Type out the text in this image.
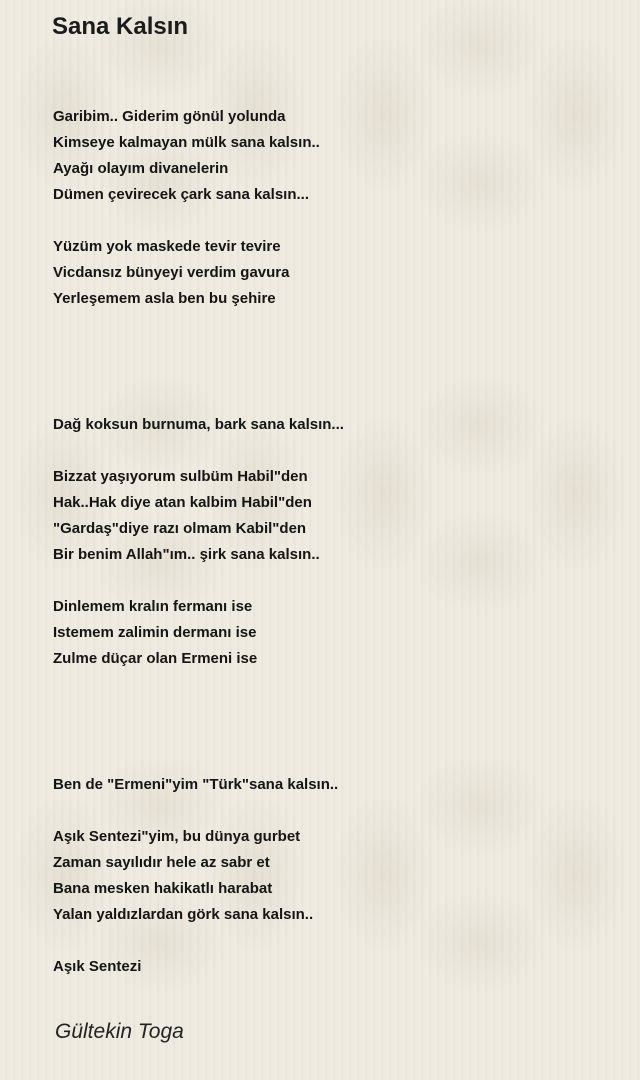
Sana Kalsın
Garibim.. Giderim gönül yolunda
Kimseye kalmayan mülk sana kalsın..
Ayağı olayım divanelerin
Dümen çevirecek çark sana kalsın...
Yüzüm yok maskede tevir tevire
Vicdansız bünyeyi verdim gavura
Yerleşemem asla ben bu şehire
Dağ koksun burnuma, bark sana kalsın...
Bizzat yaşıyorum sulbüm Habil"den
Hak..Hak diye atan kalbim Habil"den
"Gardaş"diye razı olmam Kabil"den
Bir benim Allah"ım.. şirk sana kalsın..
Dinlemem kralın fermanı ise
Istemem zalimin dermanı ise
Zulme düçar olan Ermeni ise
Ben de "Ermeni"yim "Türk"sana kalsın..
Aşık Sentezi"yim, bu dünya gurbet
Zaman sayılıdır hele az sabr et
Bana mesken hakikatlı harabat
Yalan yaldızlardan görk sana kalsın..
Aşık Sentezi
Gültekin Toga
